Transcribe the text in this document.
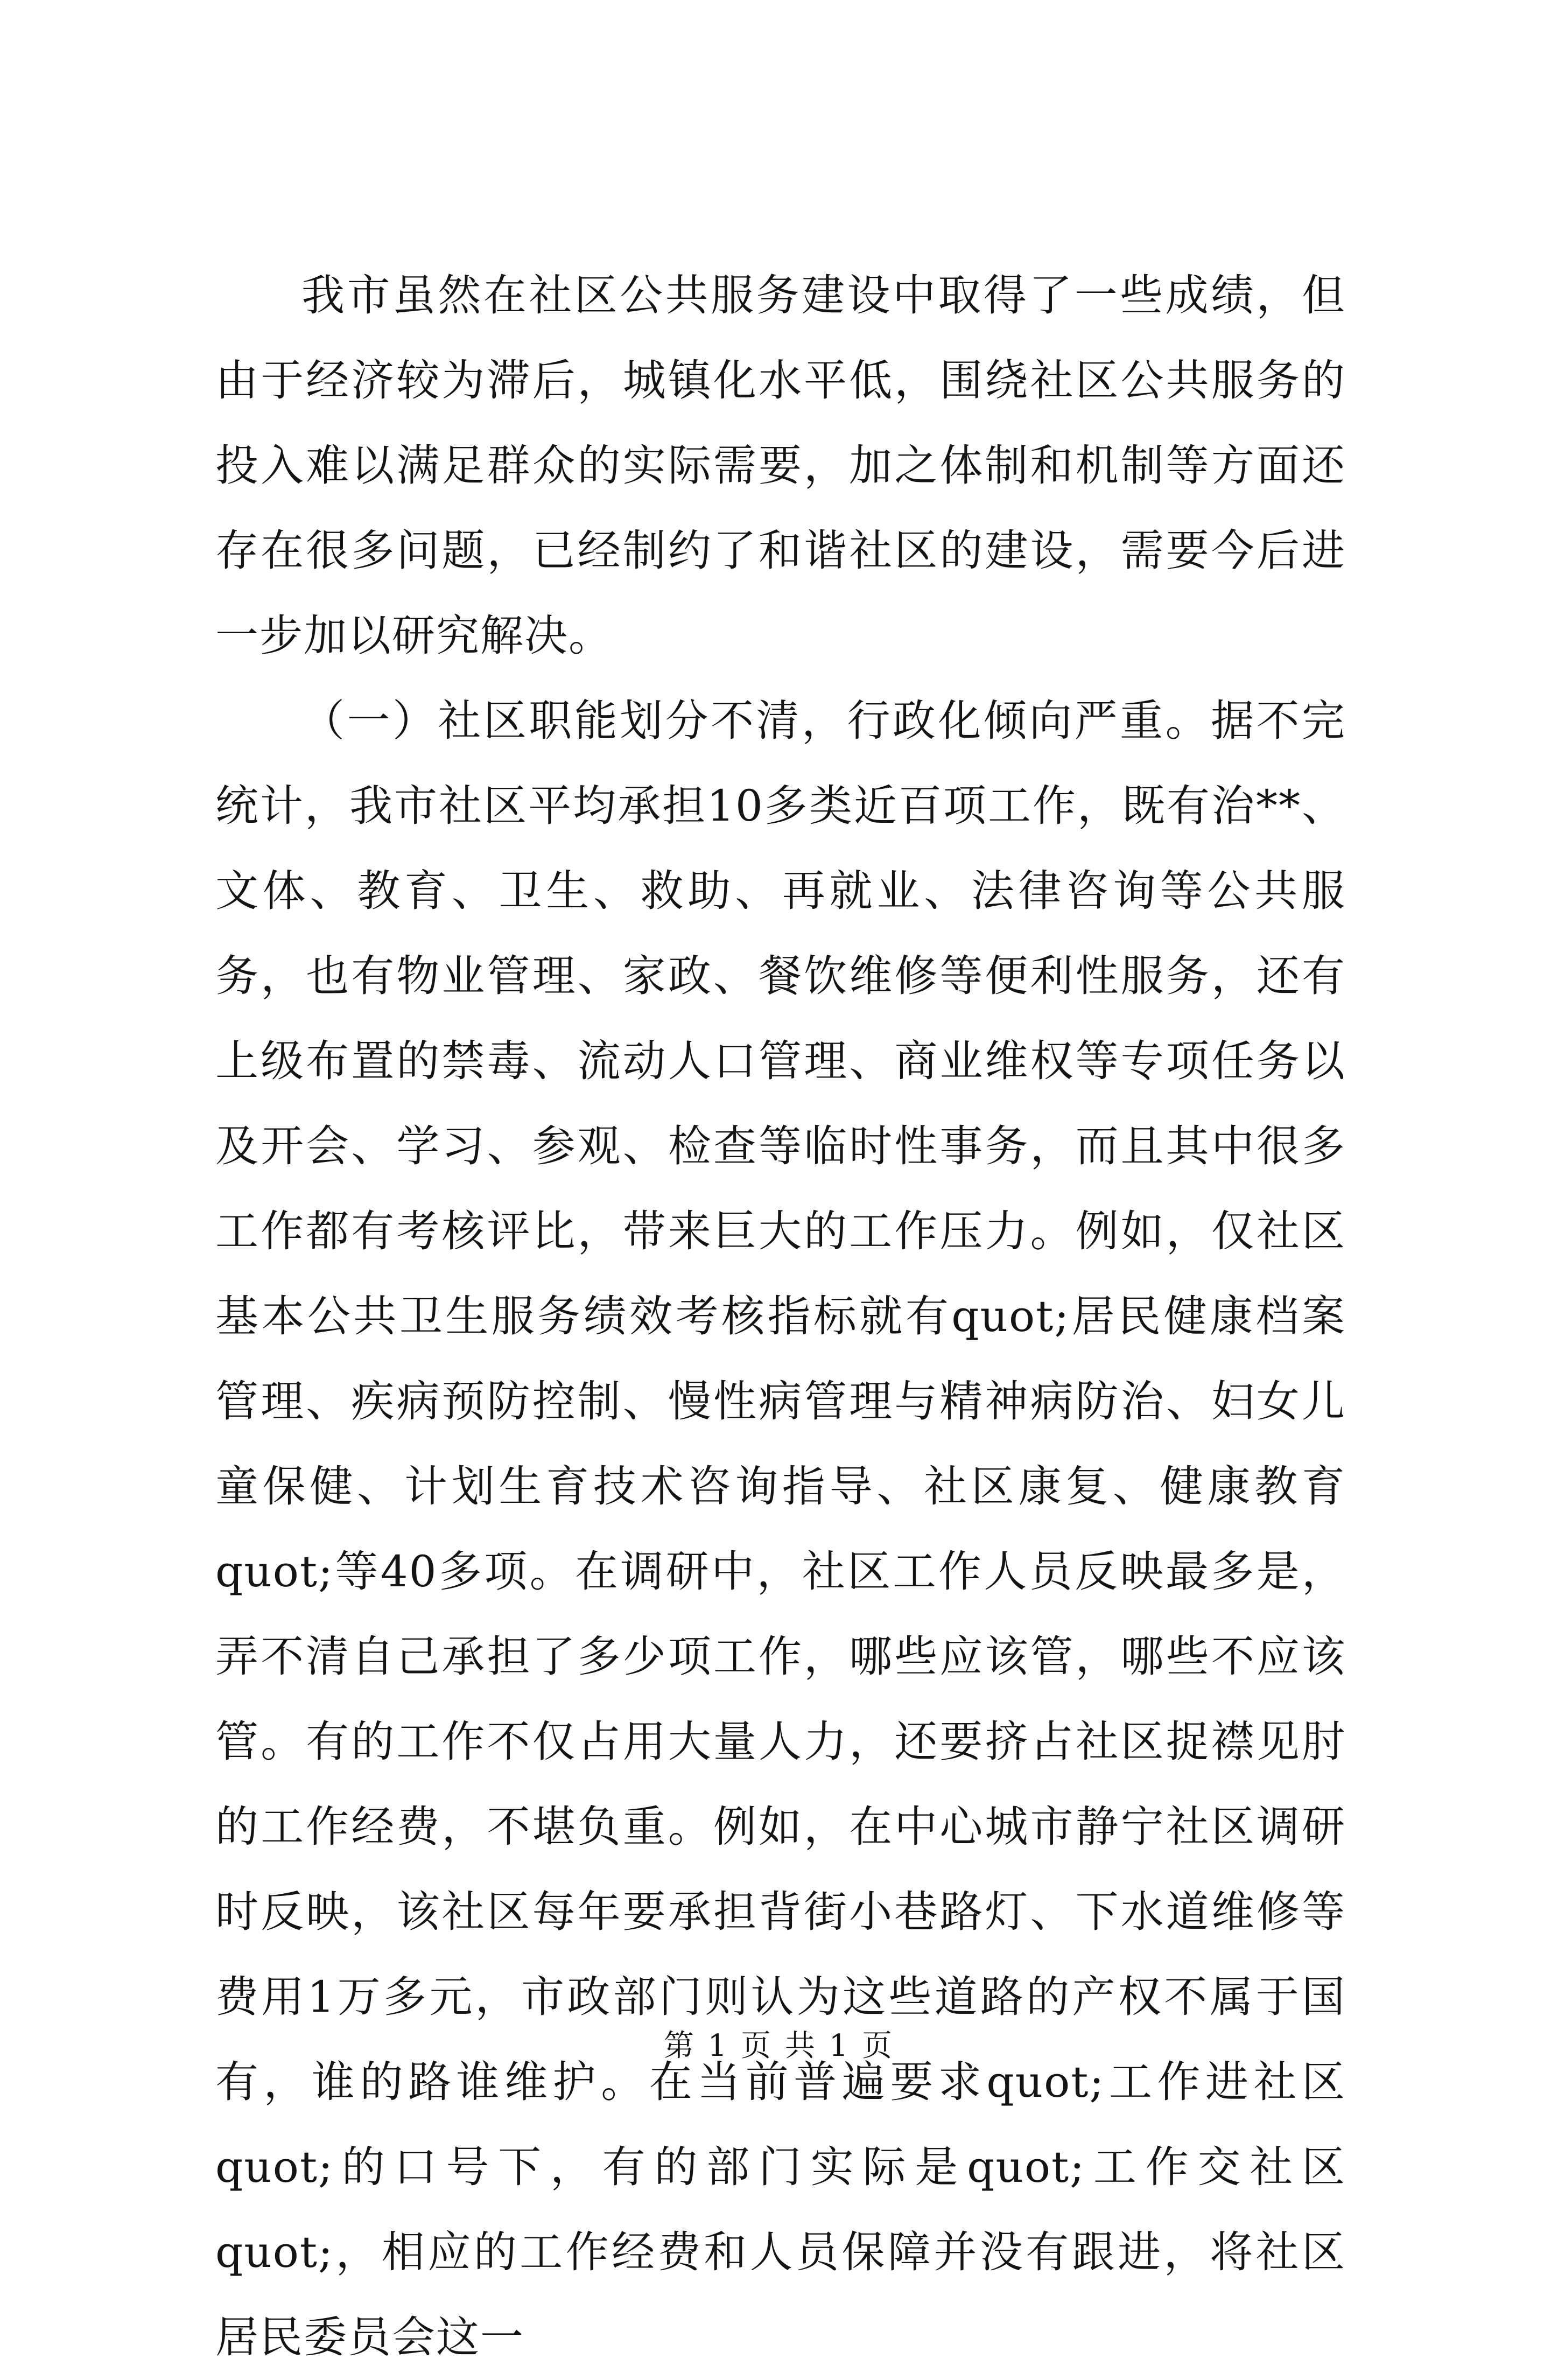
我市虽然在社区公共服务建设中取得了一些成绩，但由于经济较为滞后，城镇化水平低，围绕社区公共服务的投入难以满足群众的实际需要，加之体制和机制等方面还存在很多问题，已经制约了和谐社区的建设，需要今后进一步加以研究解决。

（一）社区职能划分不清，行政化倾向严重。据不完统计，我市社区平均承担10多类近百项工作，既有治**、文体、教育、卫生、救助、再就业、法律咨询等公共服务，也有物业管理、家政、餐饮维修等便利性服务，还有上级布置的禁毒、流动人口管理、商业维权等专项任务以及开会、学习、参观、检查等临时性事务，而且其中很多工作都有考核评比，带来巨大的工作压力。例如，仅社区基本公共卫生服务绩效考核指标就有quot;居民健康档案管理、疾病预防控制、慢性病管理与精神病防治、妇女儿童保健、计划生育技术咨询指导、社区康复、健康教育quot;等40多项。在调研中，社区工作人员反映最多是，弄不清自己承担了多少项工作，哪些应该管，哪些不应该管。有的工作不仅占用大量人力，还要挤占社区捉襟见肘的工作经费，不堪负重。例如，在中心城市静宁社区调研时反映，该社区每年要承担背街小巷路灯、下水道维修等费用1万多元，市政部门则认为这些道路的产权不属于国有，谁的路谁维护。在当前普遍要求quot;工作进社区quot;的口号下，有的部门实际是quot;工作交社区quot;，相应的工作经费和人员保障并没有跟进，将社区居民委员会这一

第 1 页 共 1 页
